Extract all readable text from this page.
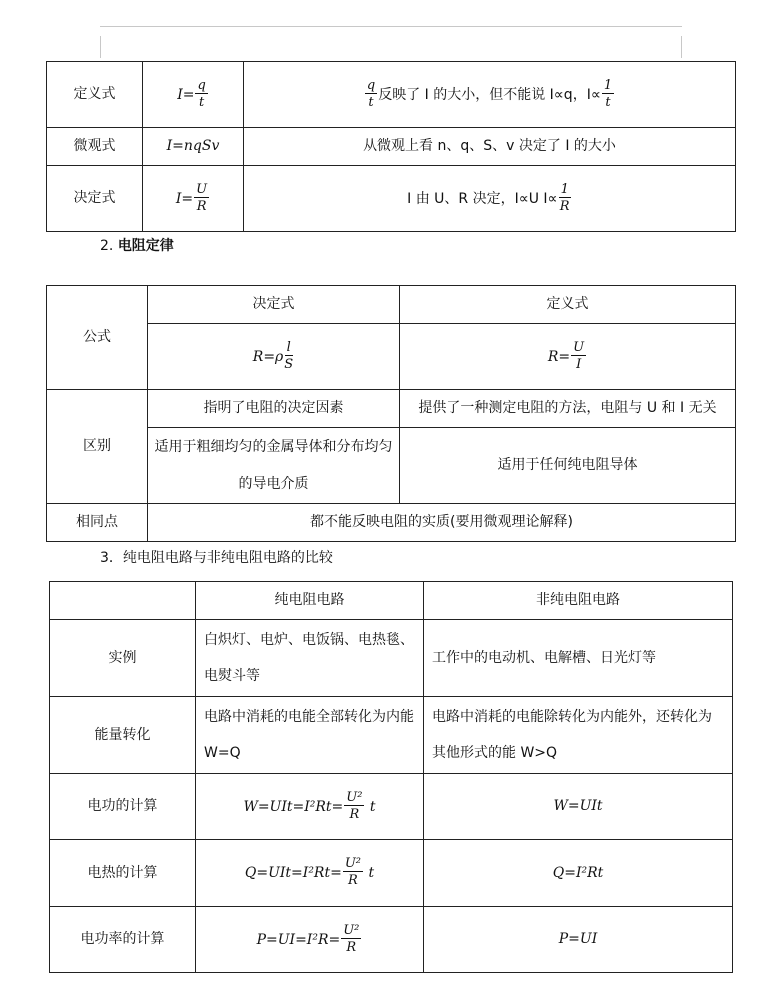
定义式	$I= \frac{q}{t}$	$\frac{q}{t}$ 反映了 I 的大小，但不能说 I∝q，$I\propto \frac{1}{t}$

微观式	I=nqSv	从微观上看 n、q、S、v 决定了 I 的大小
决定式	$I= \frac{U}{R}$	I 由 U、R 决定，I∝U $I\propto \frac{1}{R}$
2. 电阻定律
公式	决定式	定义式
	$R=\rho \frac{l}{S}$	$R= \frac{U}{I}$

区别	指明了电阻的决定因素	提供了一种测定电阻的方法，电阻与 U 和 I 无关
	适用于粗细均匀的金属导体和分布均匀的导电介质	适用于任何纯电阻导体
相同点	都不能反映电阻的实质(要用微观理论解释)	
3．纯电阻电路与非纯电阻电路的比较
	纯电阻电路	非纯电阻电路
实例	白炽灯、电炉、电饭锅、电热毯、电熨斗等	工作中的电动机、电解槽、日光灯等
能量转化	电路中消耗的电能全部转化为内能 W=Q	电路中消耗的电能除转化为内能外，还转化为其他形式的能 W>Q
电功的计算	$W=UIt=I^2Rt= \frac{\text{U²}}{R}$ t	W=UIt
电热的计算	$Q=UIt=I^2Rt= \frac{\text{U²}}{R}$ t	Q=I²Rt
电功率的计算	$P=UI=I^2R= \frac{\text{U²}}{R}$	P=UI
